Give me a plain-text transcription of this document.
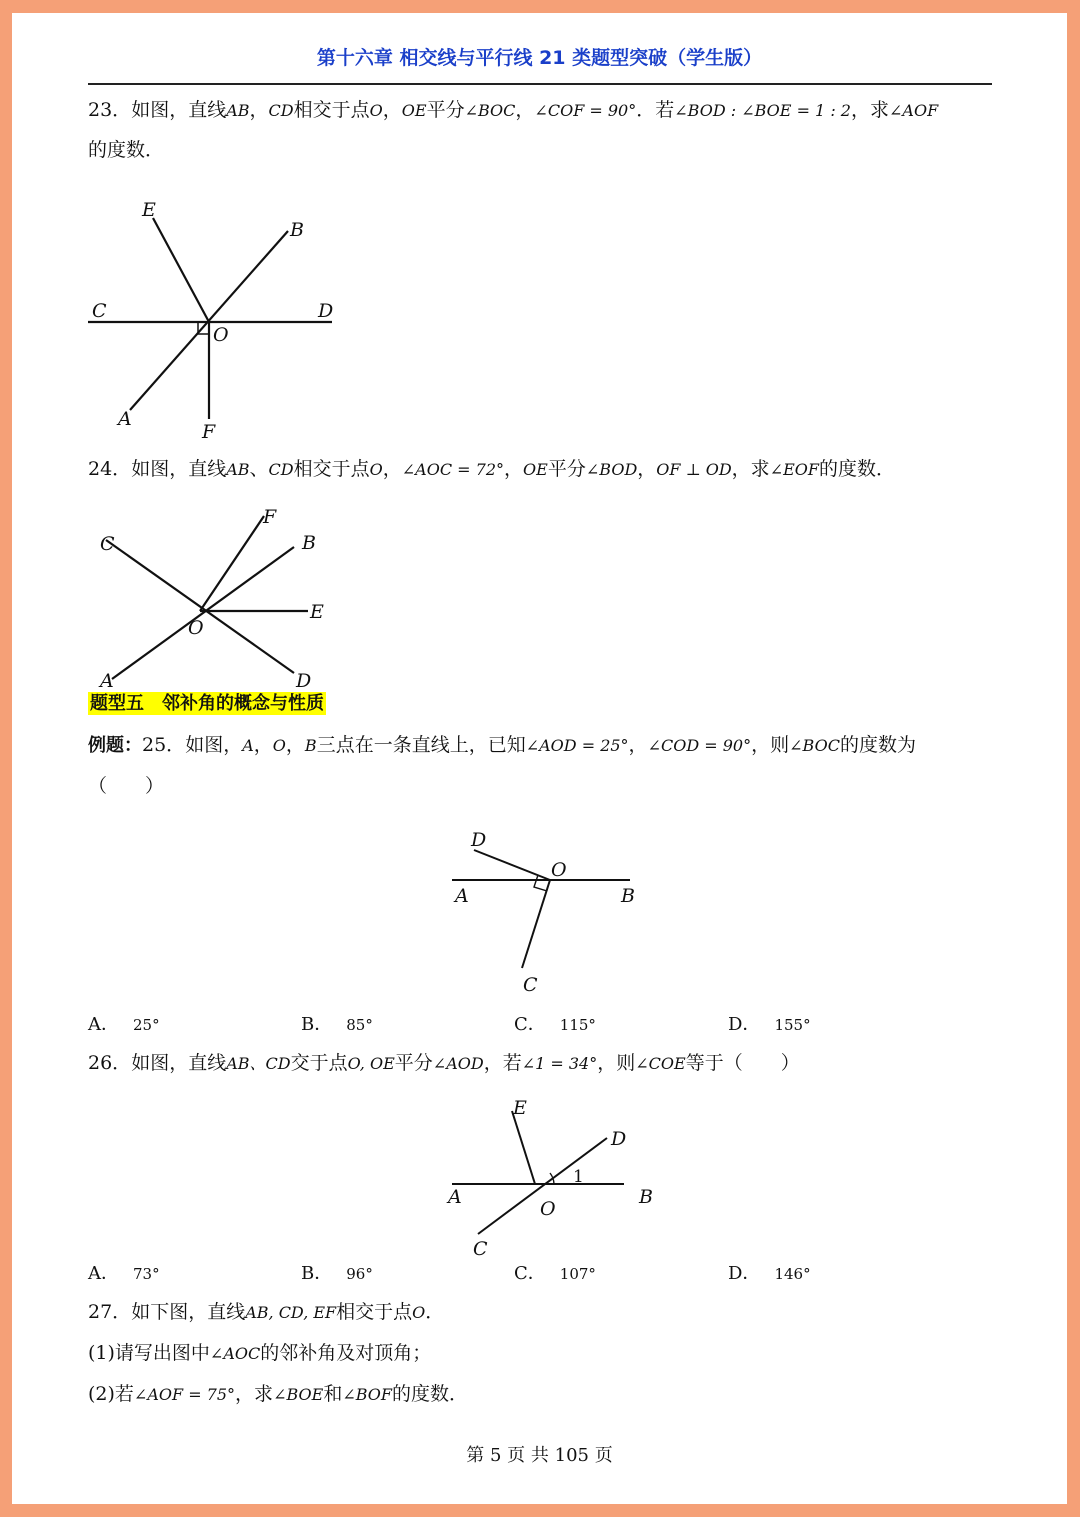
第十六章 相交线与平行线 21 类题型突破（学生版）
23．如图，直线AB，CD相交于点O，OE平分∠BOC，∠COF = 90°．若∠BOD : ∠BOE = 1 : 2，求∠AOF
的度数．
E
B
C	D
O
A
F
24．如图，直线AB、CD相交于点O，∠AOC = 72°，OE平分∠BOD，OF ⊥ OD，求∠EOF的度数．
C
F
B
E
O
A	D
题型五　邻补角的概念与性质
例题：25．如图，A，O，B三点在一条直线上，已知∠AOD = 25°，∠COD = 90°，则∠BOC的度数为
（　　）
D
O
A	B
C
A． 25°	B． 85°	C． 115°	D． 155°
26．如图，直线AB、CD交于点O, OE平分∠AOD，若∠1 = 34°，则∠COE等于（　　）
E
D
A	B
O
C
1
A． 73°	B． 96°	C． 107°	D． 146°
27．如下图，直线AB, CD, EF相交于点O．
(1)请写出图中∠AOC的邻补角及对顶角；
(2)若∠AOF = 75°，求∠BOE和∠BOF的度数．
第 5 页 共 105 页
